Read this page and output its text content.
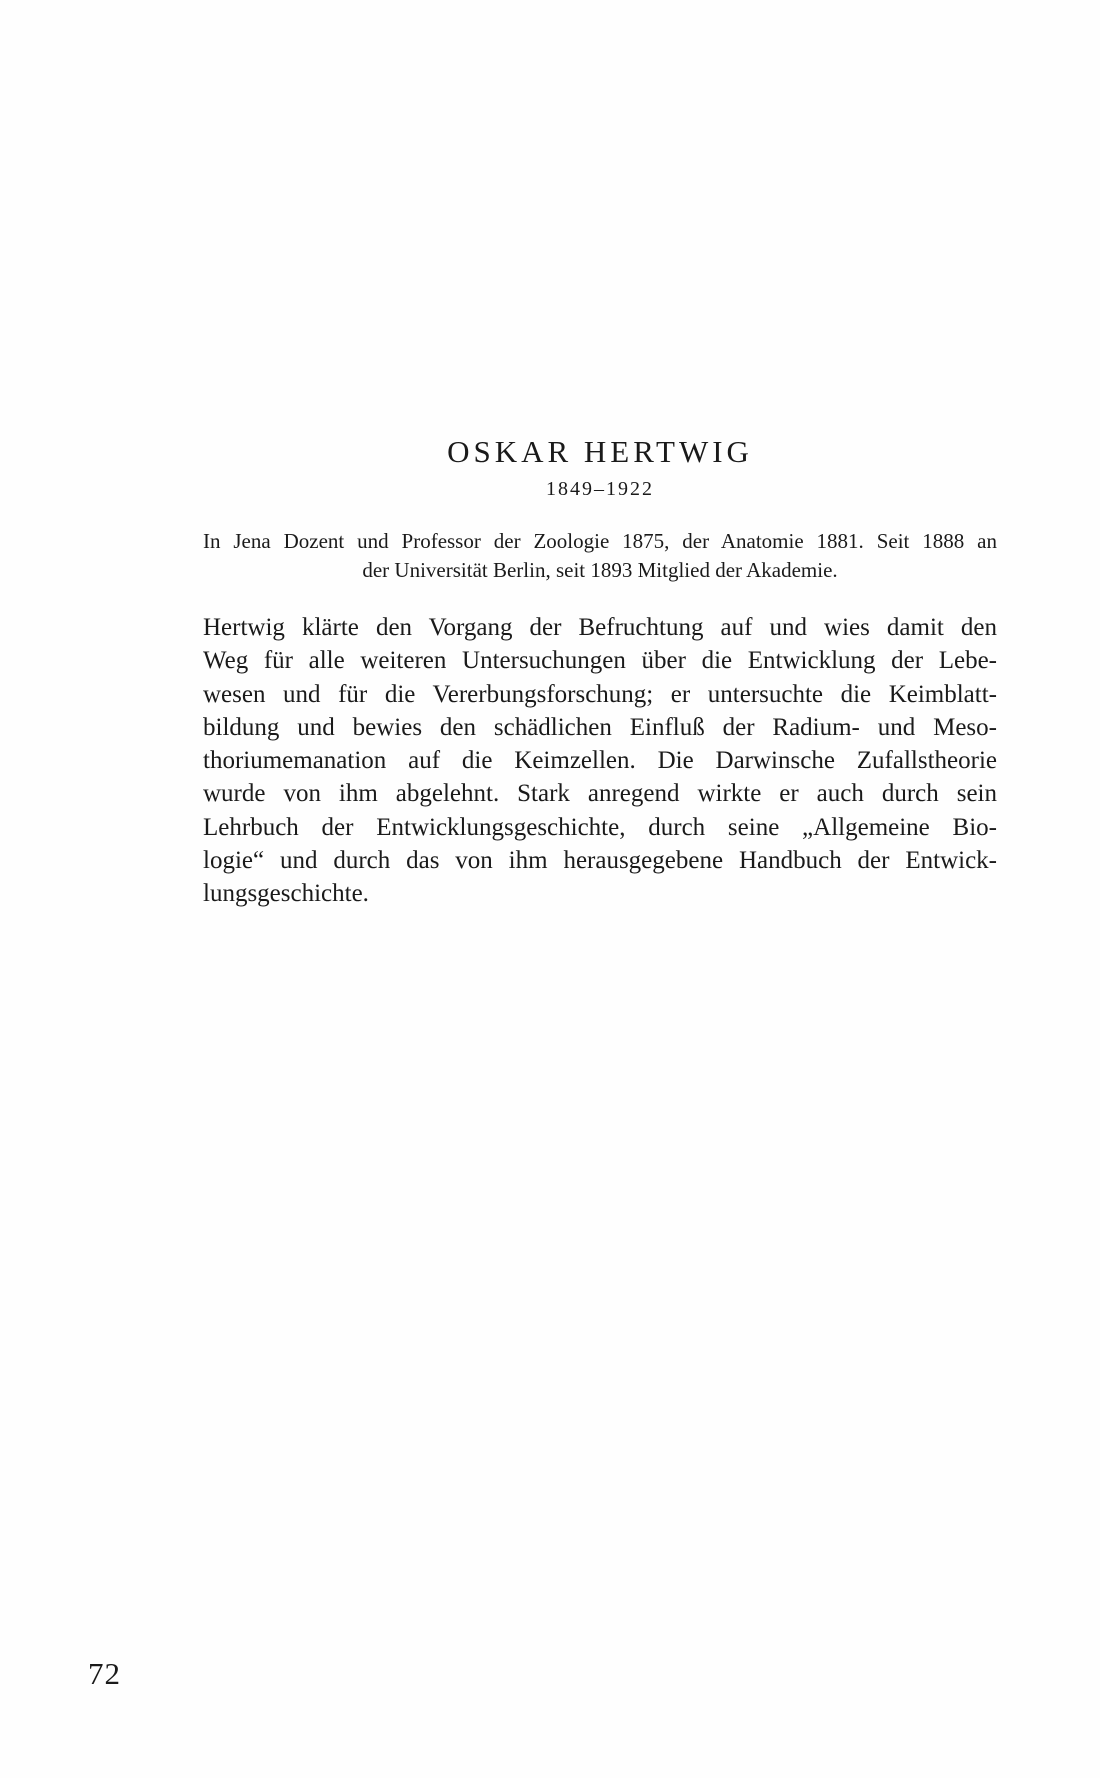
OSKAR HERTWIG
1849–1922
In Jena Dozent und Professor der Zoologie 1875, der Anatomie 1881. Seit 1888 an
der Universität Berlin, seit 1893 Mitglied der Akademie.
Hertwig klärte den Vorgang der Befruchtung auf und wies damit den
Weg für alle weiteren Untersuchungen über die Entwicklung der Lebe-
wesen und für die Vererbungsforschung; er untersuchte die Keimblatt-
bildung und bewies den schädlichen Einfluß der Radium- und Meso-
thoriumemanation auf die Keimzellen. Die Darwinsche Zufallstheorie
wurde von ihm abgelehnt. Stark anregend wirkte er auch durch sein
Lehrbuch der Entwicklungsgeschichte, durch seine „Allgemeine Bio-
logie“ und durch das von ihm herausgegebene Handbuch der Entwick-
lungsgeschichte.
72
